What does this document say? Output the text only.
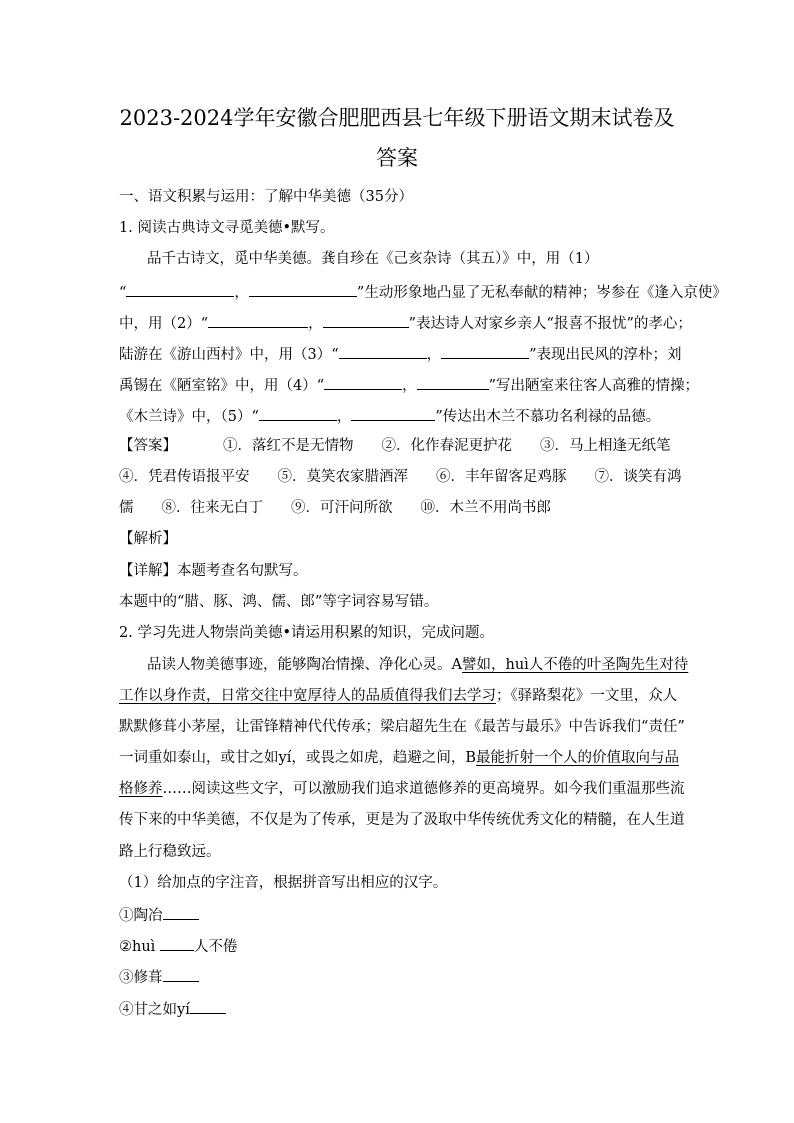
2023-2024学年安徽合肥肥西县七年级下册语文期末试卷及
答案
一、语文积累与运用：了解中华美德（35分）
1. 阅读古典诗文寻觅美德•默写。
品千古诗文，觅中华美德。龚自珍在《己亥杂诗（其五）》中，用（1）
“	，	”生动形象地凸显了无私奉献的精神；岑参在《逢入京使》
中，用（2）“	，	”表达诗人对家乡亲人“报喜不报忧”的孝心；
陆游在《游山西村》中，用（3）“	，	”表现出民风的淳朴；刘
禹锡在《陋室铭》中，用（4）“	，	”写出陋室来往客人高雅的情操；
《木兰诗》中，（5）“	，	”传达出木兰不慕功名利禄的品德。
【答案】	①．落红不是无情物 ②．化作春泥更护花 ③．马上相逢无纸笔
④．凭君传语报平安 ⑤．莫笑农家腊酒浑 ⑥．丰年留客足鸡豚 ⑦．谈笑有鸿
儒 ⑧．往来无白丁 ⑨．可汗问所欲 ⑩．木兰不用尚书郎
【解析】
【详解】本题考查名句默写。
本题中的“腊、豚、鸿、儒、郎”等字词容易写错。
2. 学习先进人物崇尚美德•请运用积累的知识，完成问题。
品读人物美德事迹，能够陶冶情操、净化心灵。A譬如，huì人不倦的叶圣陶先生对待
工作以身作责，日常交往中宽厚待人的品质值得我们去学习；《驿路梨花》一文里，众人
默默修葺小茅屋，让雷锋精神代代传承；梁启超先生在《最苦与最乐》中告诉我们“责任”
一词重如泰山，或甘之如yí，或畏之如虎，趋避之间，B最能折射一个人的价值取向与品
格修养……阅读这些文字，可以激励我们追求道德修养的更高境界。如今我们重温那些流
传下来的中华美德，不仅是为了传承，更是为了汲取中华传统优秀文化的精髓，在人生道
路上行稳致远。
（1）给加点的字注音，根据拼音写出相应的汉字。
①陶冶
②huì	人不倦
③修葺
④甘之如yí
